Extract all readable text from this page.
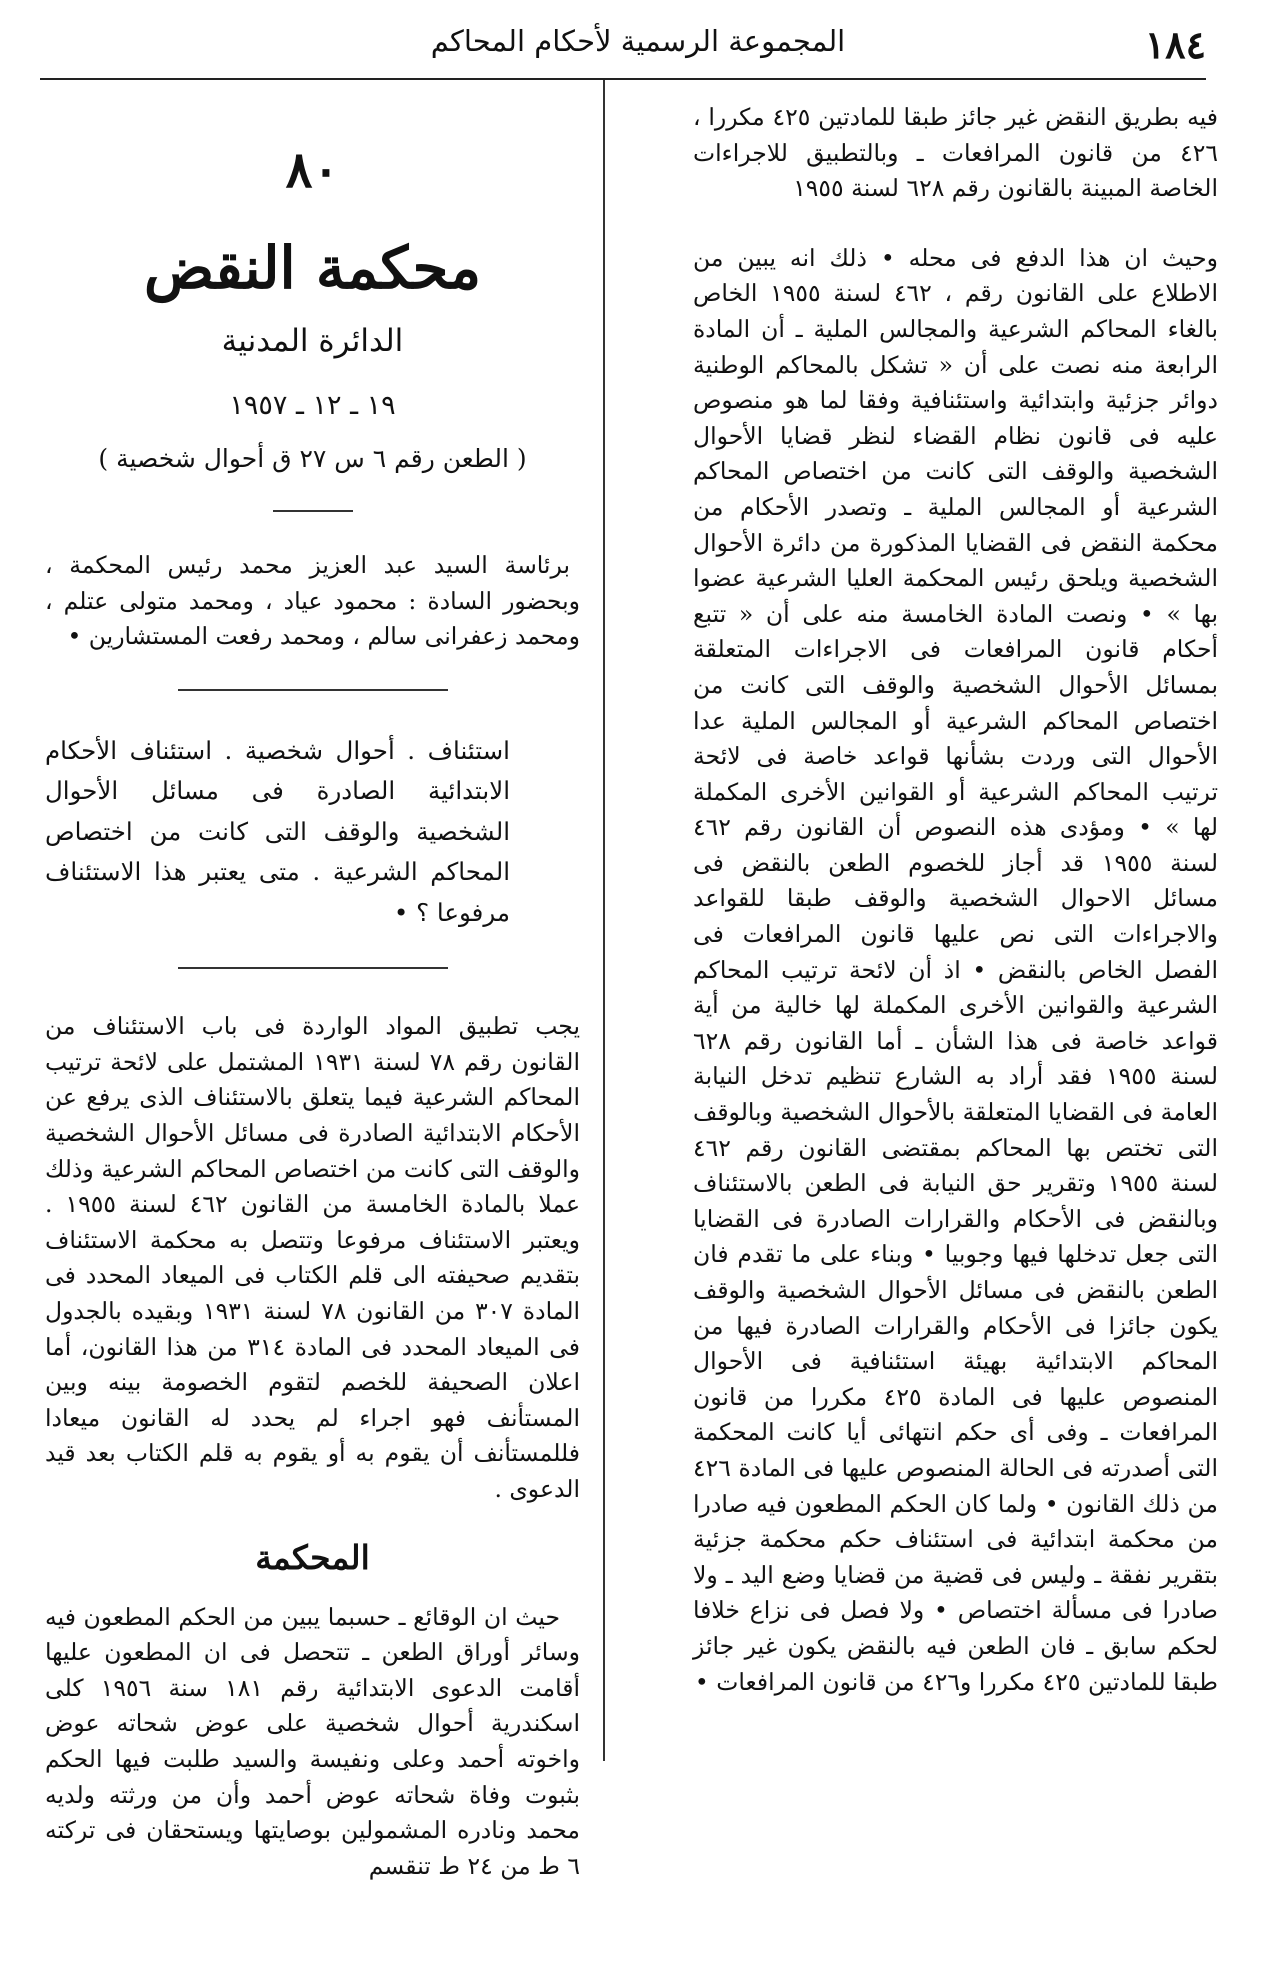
١٨٤
المجموعة الرسمية لأحكام المحاكم

فيه بطريق النقض غير جائز طبقا للمادتين ٤٢٥ مكررا ، ٤٢٦ من قانون المرافعات ـ وبالتطبيق للاجراءات الخاصة المبينة بالقانون رقم ٦٢٨ لسنة ١٩٥٥

وحيث ان هذا الدفع فى محله • ذلك انه يبين من الاطلاع على القانون رقم ، ٤٦٢ لسنة ١٩٥٥ الخاص بالغاء المحاكم الشرعية والمجالس الملية ـ أن المادة الرابعة منه نصت على أن « تشكل بالمحاكم الوطنية دوائر جزئية وابتدائية واستئنافية وفقا لما هو منصوص عليه فى قانون نظام القضاء لنظر قضايا الأحوال الشخصية والوقف التى كانت من اختصاص المحاكم الشرعية أو المجالس الملية ـ وتصدر الأحكام من محكمة النقض فى القضايا المذكورة من دائرة الأحوال الشخصية ويلحق رئيس المحكمة العليا الشرعية عضوا بها » • ونصت المادة الخامسة منه على أن « تتبع أحكام قانون المرافعات فى الاجراءات المتعلقة بمسائل الأحوال الشخصية والوقف التى كانت من اختصاص المحاكم الشرعية أو المجالس الملية عدا الأحوال التى وردت بشأنها قواعد خاصة فى لائحة ترتيب المحاكم الشرعية أو القوانين الأخرى المكملة لها » • ومؤدى هذه النصوص أن القانون رقم ٤٦٢ لسنة ١٩٥٥ قد أجاز للخصوم الطعن بالنقض فى مسائل الاحوال الشخصية والوقف طبقا للقواعد والاجراءات التى نص عليها قانون المرافعات فى الفصل الخاص بالنقض • اذ أن لائحة ترتيب المحاكم الشرعية والقوانين الأخرى المكملة لها خالية من أية قواعد خاصة فى هذا الشأن ـ أما القانون رقم ٦٢٨ لسنة ١٩٥٥ فقد أراد به الشارع تنظيم تدخل النيابة العامة فى القضايا المتعلقة بالأحوال الشخصية وبالوقف التى تختص بها المحاكم بمقتضى القانون رقم ٤٦٢ لسنة ١٩٥٥ وتقرير حق النيابة فى الطعن بالاستئناف وبالنقض فى الأحكام والقرارات الصادرة فى القضايا التى جعل تدخلها فيها وجوبيا • وبناء على ما تقدم فان الطعن بالنقض فى مسائل الأحوال الشخصية والوقف يكون جائزا فى الأحكام والقرارات الصادرة فيها من المحاكم الابتدائية بهيئة استئنافية فى الأحوال المنصوص عليها فى المادة ٤٢٥ مكررا من قانون المرافعات ـ وفى أى حكم انتهائى أيا كانت المحكمة التى أصدرته فى الحالة المنصوص عليها فى المادة ٤٢٦ من ذلك القانون • ولما كان الحكم المطعون فيه صادرا من محكمة ابتدائية فى استئناف حكم محكمة جزئية بتقرير نفقة ـ وليس فى قضية من قضايا وضع اليد ـ ولا صادرا فى مسألة اختصاص • ولا فصل فى نزاع خلافا لحكم سابق ـ فان الطعن فيه بالنقض يكون غير جائز طبقا للمادتين ٤٢٥ مكررا و٤٢٦ من قانون المرافعات •

٨٠
محكمة النقض
الدائرة المدنية
١٩ ـ ١٢ ـ ١٩٥٧
( الطعن رقم ٦ س ٢٧ ق أحوال شخصية )

برئاسة السيد عبد العزيز محمد رئيس المحكمة ، وبحضور السادة : محمود عياد ، ومحمد متولى عتلم ، ومحمد زعفرانى سالم ، ومحمد رفعت المستشارين •

استئناف . أحوال شخصية . استئناف الأحكام الابتدائية الصادرة فى مسائل الأحوال الشخصية والوقف التى كانت من اختصاص المحاكم الشرعية . متى يعتبر هذا الاستئناف مرفوعا ؟ •

يجب تطبيق المواد الواردة فى باب الاستئناف من القانون رقم ٧٨ لسنة ١٩٣١ المشتمل على لائحة ترتيب المحاكم الشرعية فيما يتعلق بالاستئناف الذى يرفع عن الأحكام الابتدائية الصادرة فى مسائل الأحوال الشخصية والوقف التى كانت من اختصاص المحاكم الشرعية وذلك عملا بالمادة الخامسة من القانون ٤٦٢ لسنة ١٩٥٥ . ويعتبر الاستئناف مرفوعا وتتصل به محكمة الاستئناف بتقديم صحيفته الى قلم الكتاب فى الميعاد المحدد فى المادة ٣٠٧ من القانون ٧٨ لسنة ١٩٣١ وبقيده بالجدول فى الميعاد المحدد فى المادة ٣١٤ من هذا القانون، أما اعلان الصحيفة للخصم لتقوم الخصومة بينه وبين المستأنف فهو اجراء لم يحدد له القانون ميعادا فللمستأنف أن يقوم به أو يقوم به قلم الكتاب بعد قيد الدعوى .

المحكمة

حيث ان الوقائع ـ حسبما يبين من الحكم المطعون فيه وسائر أوراق الطعن ـ تتحصل فى ان المطعون عليها أقامت الدعوى الابتدائية رقم ١٨١ سنة ١٩٥٦ كلى اسكندرية أحوال شخصية على عوض شحاته عوض واخوته أحمد وعلى ونفيسة والسيد طلبت فيها الحكم بثبوت وفاة شحاته عوض أحمد وأن من ورثته ولديه محمد ونادره المشمولين بوصايتها ويستحقان فى تركته ٦ ط من ٢٤ ط تنقسم
